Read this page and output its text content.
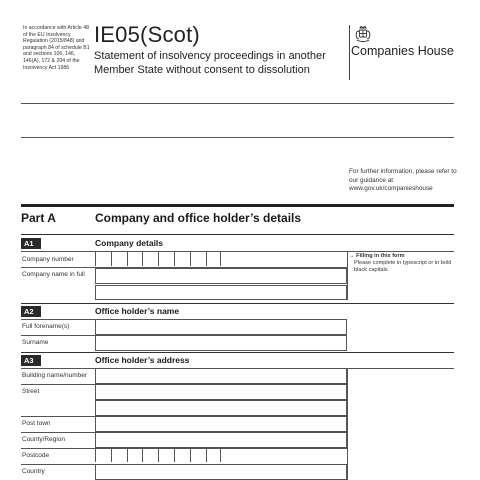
In accordance with Article 48 of the EU Insolvency Regulation (2015/848) and paragraph 84 of schedule B1 and sections 106, 146, 146(A), 172 & 204 of the Insolvency Act 1986
IE05(Scot)
Statement of insolvency proceedings in another Member State without consent to dissolution
Companies House
For further information, please refer to our guidance at www.gov.uk/companieshouse
Part A	Company and office holder’s details
A1	Company details
Company number
Company name in full
→ Filling in this form
Please complete in typescript or in bold black capitals.
A2	Office holder’s name
Full forename(s)
Surname
A3	Office holder’s address
Building name/number
Street
Post town
County/Region
Postcode
Country
